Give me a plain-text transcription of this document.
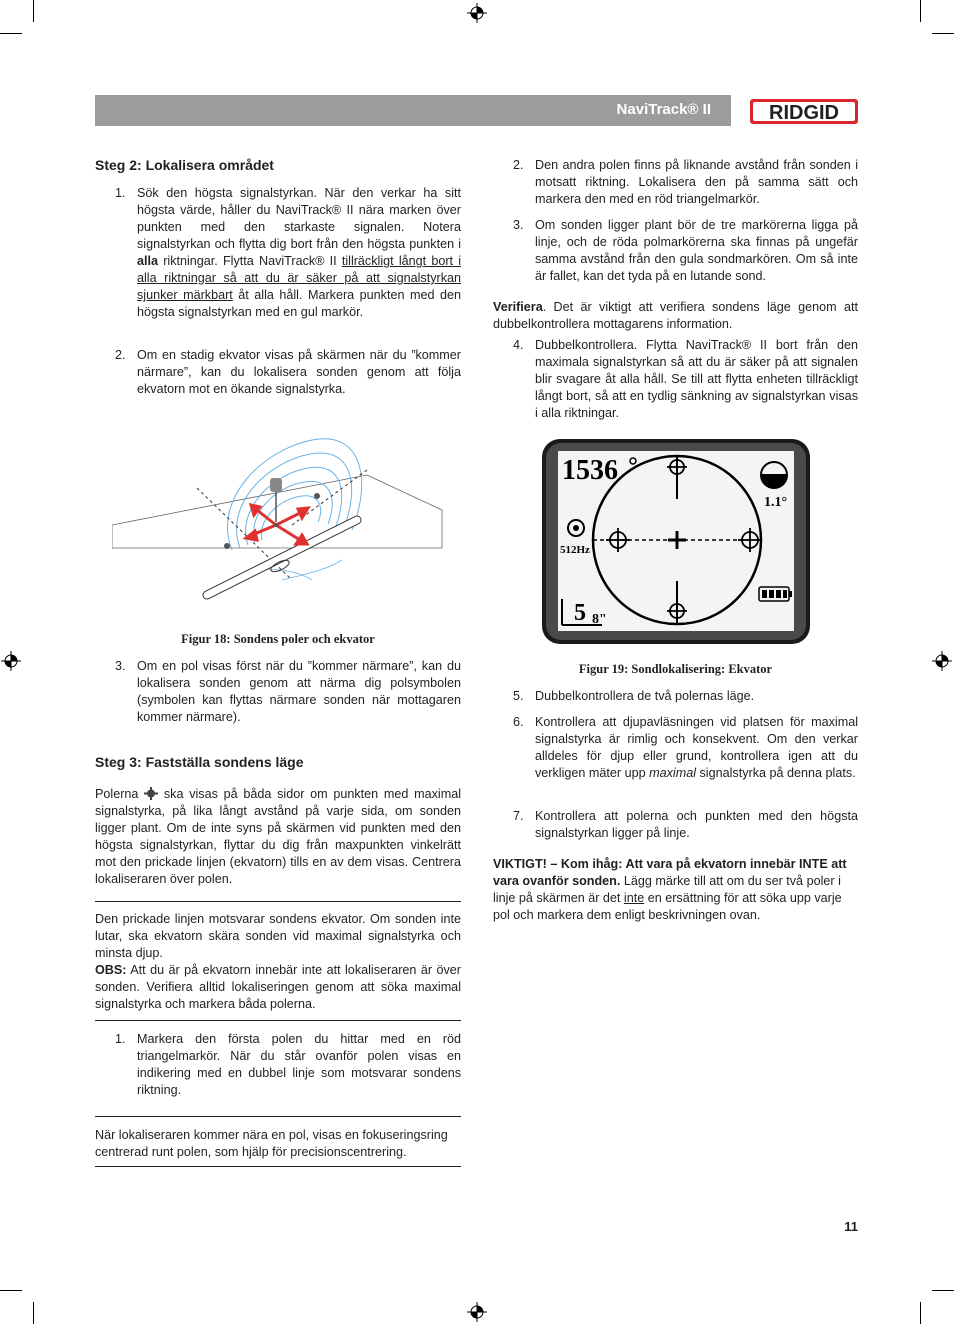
NaviTrack® II	RIDGID
Steg 2: Lokalisera området
1. Sök den högsta signalstyrkan. När den verkar ha sitt högsta värde, håller du NaviTrack® II nära marken över punkten med den starkaste signalen. Notera signalstyrkan och flytta dig bort från den högsta punkten i alla riktningar. Flytta NaviTrack® II tillräckligt långt bort i alla riktningar så att du är säker på att signalstyrkan sjunker märkbart åt alla håll. Markera punkten med den högsta signalstyrkan med en gul markör.
2. Om en stadig ekvator visas på skärmen när du ”kommer närmare”, kan du lokalisera sonden genom att följa ekvatorn mot en ökande signalstyrka.
Figur 18: Sondens poler och ekvator
3. Om en pol visas först när du ”kommer närmare”, kan du lokalisera sonden genom att närma dig polsymbolen (symbolen kan flyttas närmare sonden när mottagaren kommer närmare).
Steg 3: Fastställa sondens läge
Polerna  ska visas på båda sidor om punkten med maximal signalstyrka, på lika långt avstånd på varje sida, om sonden ligger plant. Om de inte syns på skärmen vid punkten med den högsta signalstyrkan, flyttar du dig från maxpunkten vinkelrätt mot den prickade linjen (ekvatorn) tills en av dem visas. Centrera lokaliseraren över polen.
Den prickade linjen motsvarar sondens ekvator. Om sonden inte lutar, ska ekvatorn skära sonden vid maximal signalstyrka och minsta djup.
OBS: Att du är på ekvatorn innebär inte att lokaliseraren är över sonden. Verifiera alltid lokaliseringen genom att söka maximal signalstyrka och markera båda polerna.
1. Markera den första polen du hittar med en röd triangelmarkör. När du står ovanför polen visas en indikering med en dubbel linje som motsvarar sondens riktning.
När lokaliseraren kommer nära en pol, visas en fokuseringsring centrerad runt polen, som hjälp för precisionscentrering.
2. Den andra polen finns på liknande avstånd från sonden i motsatt riktning. Lokalisera den på samma sätt och markera den med en röd triangelmarkör.
3. Om sonden ligger plant bör de tre markörerna ligga på linje, och de röda polmarkörerna ska finnas på ungefär samma avstånd från den gula sondmarkören. Om så inte är fallet, kan det tyda på en lutande sond.
Verifiera. Det är viktigt att verifiera sondens läge genom att dubbelkontrollera mottagarens information.
4. Dubbelkontrollera. Flytta NaviTrack® II bort från den maximala signalstyrkan så att du är säker på att signalen blir svagare åt alla håll. Se till att flytta enheten tillräckligt långt bort, så att en tydlig sänkning av signalstyrkan visas i alla riktningar.
1536
1.1°
512Hz
5 8"
Figur 19: Sondlokalisering: Ekvator
5. Dubbelkontrollera de två polernas läge.
6. Kontrollera att djupavläsningen vid platsen för maximal signalstyrka är rimlig och konsekvent. Om den verkar alldeles för djup eller grund, kontrollera igen att du verkligen mäter upp maximal signalstyrka på denna plats.
7. Kontrollera att polerna och punkten med den högsta signalstyrkan ligger på linje.
VIKTIGT! – Kom ihåg: Att vara på ekvatorn innebär INTE att vara ovanför sonden. Lägg märke till att om du ser två poler i linje på skärmen är det inte en ersättning för att söka upp varje pol och markera dem enligt beskrivningen ovan.
11
